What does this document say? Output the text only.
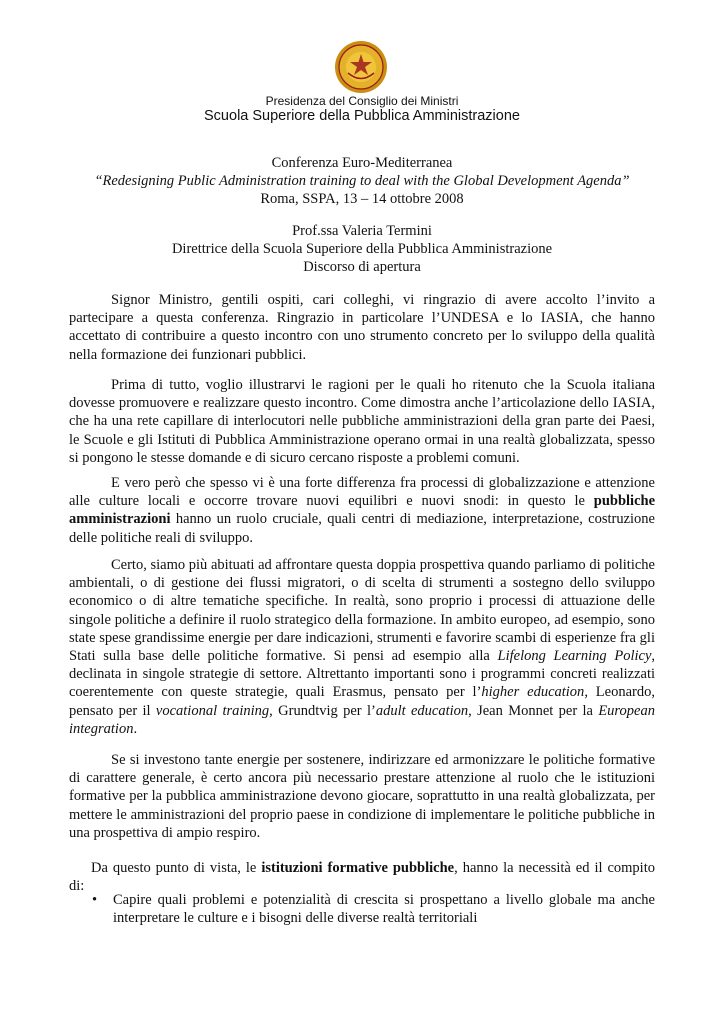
Presidenza del Consiglio dei Ministri
Scuola Superiore della Pubblica Amministrazione
Conferenza Euro-Mediterranea
“Redesigning Public Administration training to deal with the Global Development Agenda”
Roma, SSPA, 13 – 14 ottobre 2008
Prof.ssa Valeria Termini
Direttrice della Scuola Superiore della Pubblica Amministrazione
Discorso di apertura
Signor Ministro, gentili ospiti, cari colleghi, vi ringrazio di avere accolto l’invito a partecipare a questa conferenza. Ringrazio in particolare l’UNDESA e lo IASIA, che hanno accettato di contribuire a questo incontro con uno strumento concreto per lo sviluppo della qualità nella formazione dei funzionari pubblici.
Prima di tutto, voglio illustrarvi le ragioni per le quali ho ritenuto che la Scuola italiana dovesse promuovere e realizzare questo incontro. Come dimostra anche l’articolazione dello IASIA, che ha una rete capillare di interlocutori nelle pubbliche amministrazioni della gran parte dei Paesi, le Scuole e gli Istituti di Pubblica Amministrazione operano ormai in una realtà globalizzata, spesso si pongono le stesse domande e di sicuro cercano risposte a problemi comuni.
E vero però che spesso vi è una forte differenza fra processi di globalizzazione e attenzione alle culture locali e occorre trovare nuovi equilibri e nuovi snodi: in questo le pubbliche amministrazioni hanno un ruolo cruciale, quali centri di mediazione, interpretazione, costruzione delle politiche reali di sviluppo.
Certo, siamo più abituati ad affrontare questa doppia prospettiva quando parliamo di politiche ambientali, o di gestione dei flussi migratori, o di scelta di strumenti a sostegno dello sviluppo economico o di altre tematiche specifiche. In realtà, sono proprio i processi di attuazione delle singole politiche a definire il ruolo strategico della formazione. In ambito europeo, ad esempio, sono state spese grandissime energie per dare indicazioni, strumenti e favorire scambi di esperienze fra gli Stati sulla base delle politiche formative. Si pensi ad esempio alla Lifelong Learning Policy, declinata in singole strategie di settore. Altrettanto importanti sono i programmi concreti realizzati coerentemente con queste strategie, quali Erasmus, pensato per l’higher education, Leonardo, pensato per il vocational training, Grundtvig per l’adult education, Jean Monnet per la European integration.
Se si investono tante energie per sostenere, indirizzare ed armonizzare le politiche formative di carattere generale, è certo ancora più necessario prestare attenzione al ruolo che le istituzioni formative per la pubblica amministrazione devono giocare, soprattutto in una realtà globalizzata, per mettere le amministrazioni del proprio paese in condizione di implementare le politiche pubbliche in una prospettiva di ampio respiro.
Da questo punto di vista, le istituzioni formative pubbliche, hanno la necessità ed il compito di:
• Capire quali problemi e potenzialità di crescita si prospettano a livello globale ma anche interpretare le culture e i bisogni delle diverse realtà territoriali
